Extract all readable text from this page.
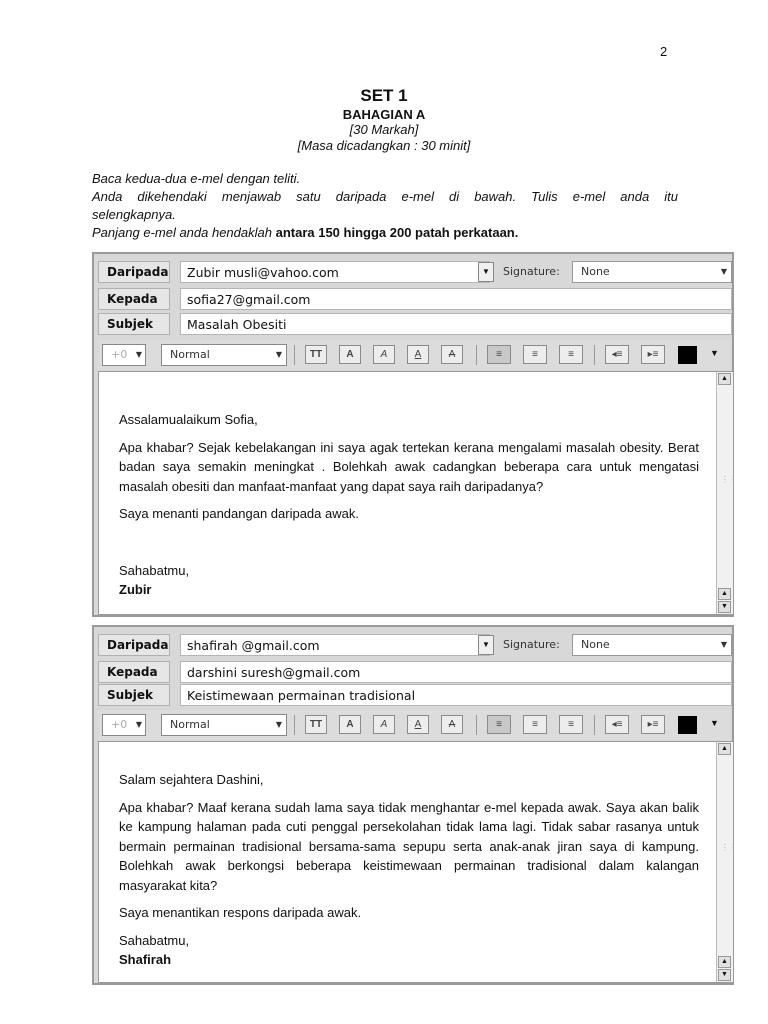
2
SET 1
BAHAGIAN A
[30 Markah]
[Masa dicadangkan : 30 minit]
Baca kedua-dua e-mel dengan teliti.
Anda dikehendaki menjawab satu daripada e-mel di bawah. Tulis e-mel anda itu
selengkapnya.
Panjang e-mel anda hendaklah antara 150 hingga 200 patah perkataan.
Daripada	Zubir musli@vahoo.com	▼	Signature:	None	▼
Kepada	sofia27@gmail.com
Subjek	Masalah Obesiti
+0 ▼	Normal	▼	TT	A	A	A	A	≡	≡	≡	◂≡	▸≡	▼

Assalamualaikum Sofia,

Apa khabar? Sejak kebelakangan ini saya agak tertekan kerana mengalami masalah obesity. Berat badan saya semakin meningkat . Bolehkah awak cadangkan beberapa cara untuk mengatasi masalah obesiti dan manfaat-manfaat yang dapat saya raih daripadanya?

Saya menanti pandangan daripada awak.

Sahabatmu,

Zubir

▲
⋮⋮
▲
▼
Daripada	shafirah @gmail.com	▼	Signature:	None	▼
Kepada	darshini suresh@gmail.com
Subjek	Keistimewaan permainan tradisional
+0 ▼	Normal	▼	TT	A	A	A	A	≡	≡	≡	◂≡	▸≡	▼

Salam sejahtera Dashini,

Apa khabar? Maaf kerana sudah lama saya tidak menghantar e-mel kepada awak. Saya akan balik ke kampung halaman pada cuti penggal persekolahan tidak lama lagi. Tidak sabar rasanya untuk bermain permainan tradisional bersama-sama sepupu serta anak-anak jiran saya di kampung. Bolehkah awak berkongsi beberapa keistimewaan permainan tradisional dalam kalangan masyarakat kita?

Saya menantikan respons daripada awak.

Sahabatmu,

Shafirah

▲
⋮⋮
▲
▼
